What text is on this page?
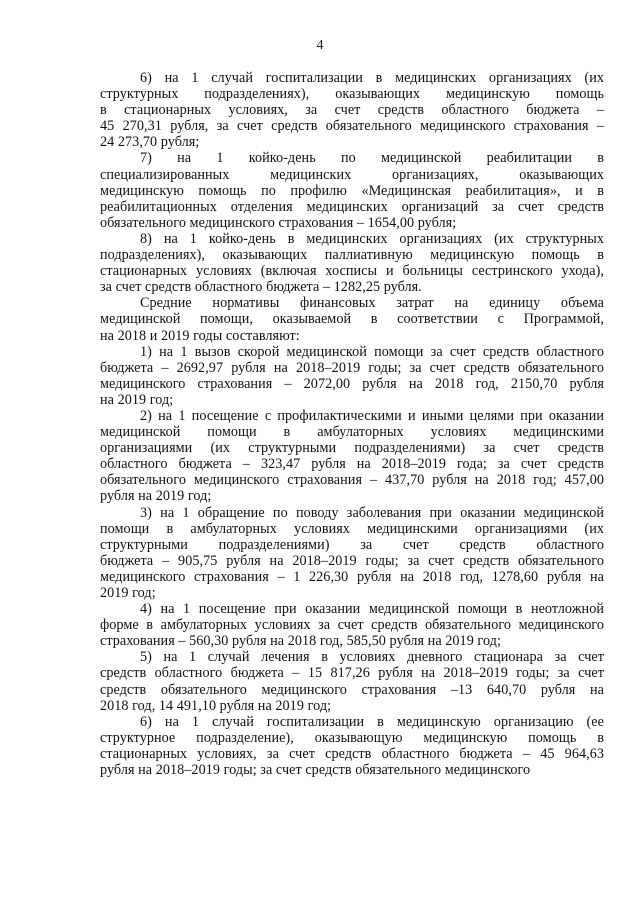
4

6) на 1 случай госпитализации в медицинских организациях (их
структурных подразделениях), оказывающих медицинскую помощь
в стационарных условиях, за счет средств областного бюджета –
45 270,31 рубля, за счет средств обязательного медицинского страхования –
24 273,70 рубля;

7) на 1 койко-день по медицинской реабилитации в
специализированных медицинских организациях, оказывающих
медицинскую помощь по профилю «Медицинская реабилитация», и в
реабилитационных отделения медицинских организаций за счет средств
обязательного медицинского страхования – 1654,00 рубля;

8) на 1 койко-день в медицинских организациях (их структурных
подразделениях), оказывающих паллиативную медицинскую помощь в
стационарных условиях (включая хосписы и больницы сестринского ухода),
за счет средств областного бюджета – 1282,25 рубля.

Средние нормативы финансовых затрат на единицу объема
медицинской помощи, оказываемой в соответствии с Программой,
на 2018 и 2019 годы составляют:

1) на 1 вызов скорой медицинской помощи за счет средств областного
бюджета – 2692,97 рубля на 2018–2019 годы; за счет средств обязательного
медицинского страхования – 2072,00 рубля на 2018 год, 2150,70 рубля
на 2019 год;

2) на 1 посещение с профилактическими и иными целями при оказании
медицинской помощи в амбулаторных условиях медицинскими
организациями (их структурными подразделениями) за счет средств
областного бюджета – 323,47 рубля на 2018–2019 года; за счет средств
обязательного медицинского страхования – 437,70 рубля на 2018 год; 457,00
рубля на 2019 год;

3) на 1 обращение по поводу заболевания при оказании медицинской
помощи в амбулаторных условиях медицинскими организациями (их
структурными подразделениями) за счет средств областного
бюджета – 905,75 рубля на 2018–2019 годы; за счет средств обязательного
медицинского страхования – 1 226,30 рубля на 2018 год, 1278,60 рубля на
2019 год;

4) на 1 посещение при оказании медицинской помощи в неотложной
форме в амбулаторных условиях за счет средств обязательного медицинского
страхования – 560,30 рубля на 2018 год, 585,50 рубля на 2019 год;

5) на 1 случай лечения в условиях дневного стационара за счет
средств областного бюджета – 15 817,26 рубля на 2018–2019 годы; за счет
средств обязательного медицинского страхования –13 640,70 рубля на
2018 год, 14 491,10 рубля на 2019 год;

6) на 1 случай госпитализации в медицинскую организацию (ее
структурное подразделение), оказывающую медицинскую помощь в
стационарных условиях, за счет средств областного бюджета – 45 964,63
рубля на 2018–2019 годы; за счет средств обязательного медицинского
